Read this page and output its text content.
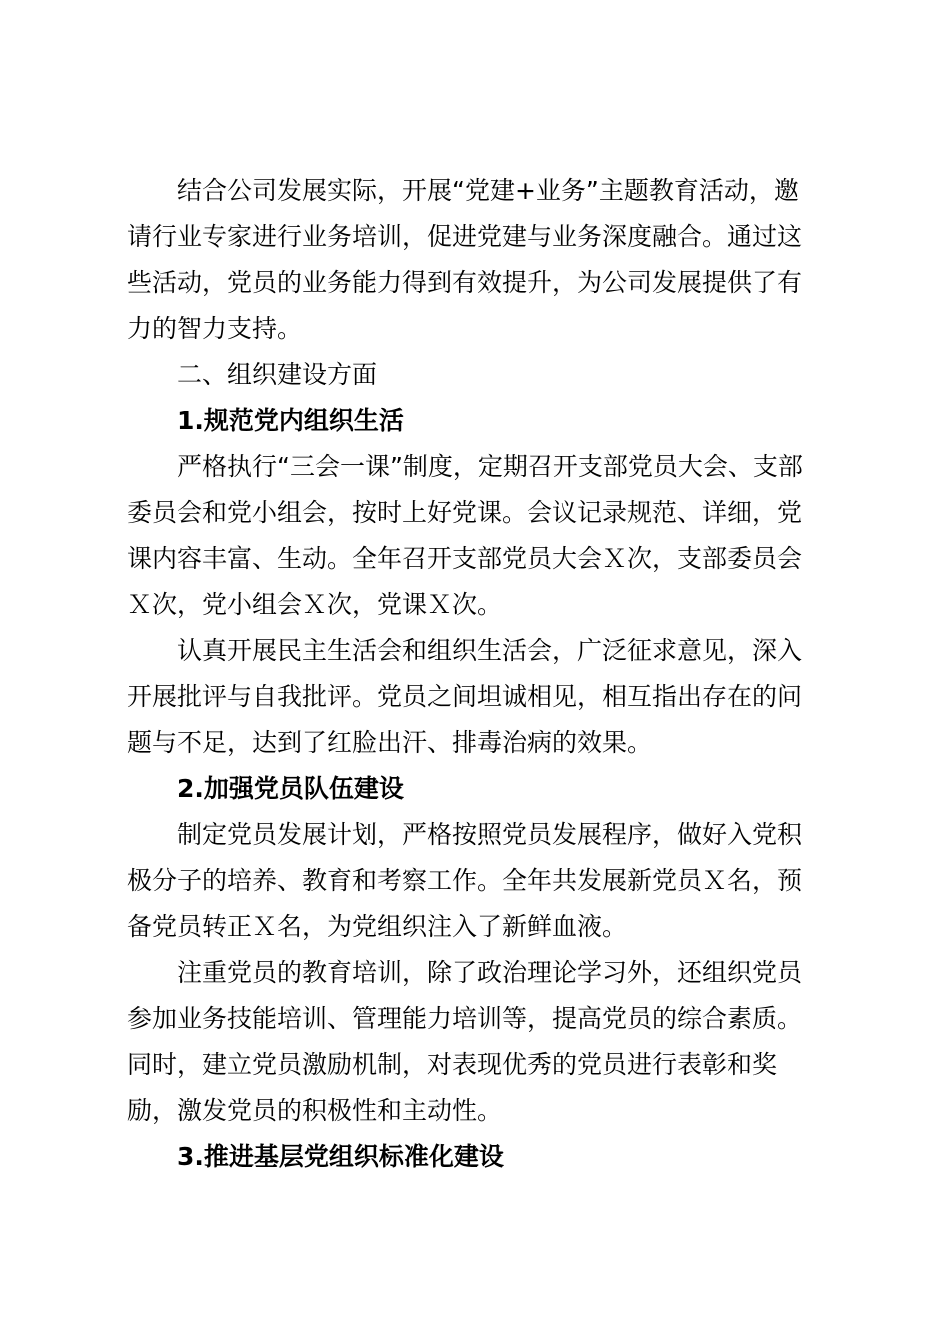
结合公司发展实际，开展“党建+业务”主题教育活动，邀
请行业专家进行业务培训，促进党建与业务深度融合。通过这
些活动，党员的业务能力得到有效提升，为公司发展提供了有
力的智力支持。
二、组织建设方面
1.规范党内组织生活
严格执行“三会一课”制度，定期召开支部党员大会、支部
委员会和党小组会，按时上好党课。会议记录规范、详细，党
课内容丰富、生动。全年召开支部党员大会Ｘ次，支部委员会
Ｘ次，党小组会Ｘ次，党课Ｘ次。
认真开展民主生活会和组织生活会，广泛征求意见，深入
开展批评与自我批评。党员之间坦诚相见，相互指出存在的问
题与不足，达到了红脸出汗、排毒治病的效果。
2.加强党员队伍建设
制定党员发展计划，严格按照党员发展程序，做好入党积
极分子的培养、教育和考察工作。全年共发展新党员Ｘ名，预
备党员转正Ｘ名，为党组织注入了新鲜血液。
注重党员的教育培训，除了政治理论学习外，还组织党员
参加业务技能培训、管理能力培训等，提高党员的综合素质。
同时，建立党员激励机制，对表现优秀的党员进行表彰和奖
励，激发党员的积极性和主动性。
3.推进基层党组织标准化建设
